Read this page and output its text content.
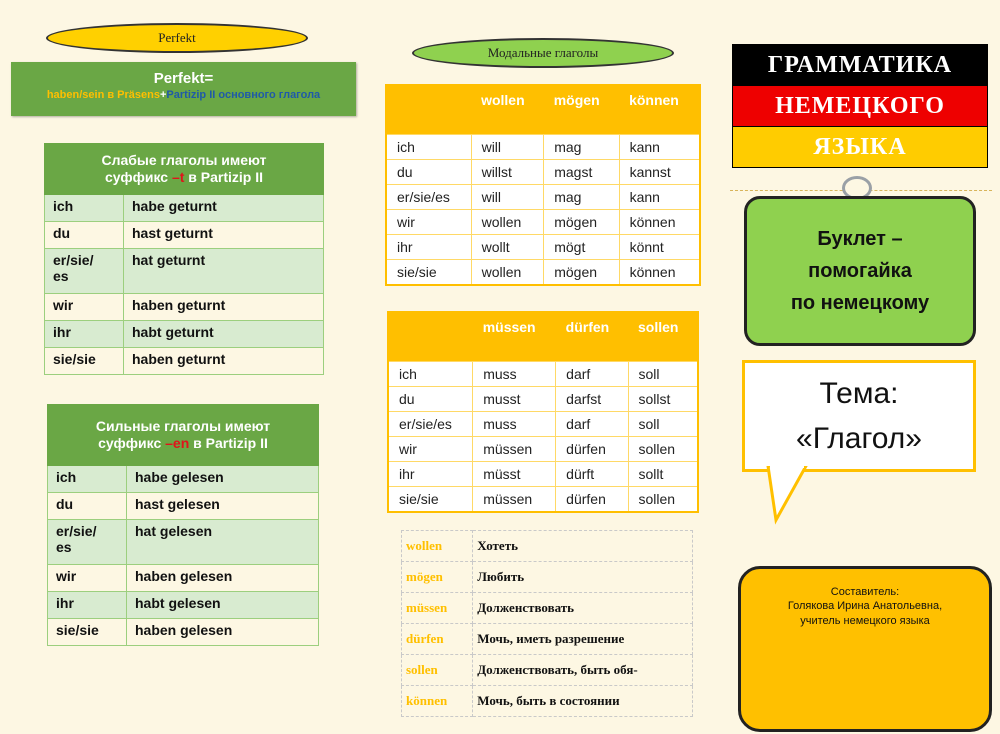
Perfekt
Perfekt=
haben/sein в Präsens+Partizip II основного глагола
Слабые глаголы имеют
суффикс –t в Partizip II	
ich	habe geturnt
du	hast geturnt
er/sie/
es	hat geturnt
wir	haben geturnt
ihr	habt geturnt
sie/sie	haben geturnt
Сильные глаголы имеют
суффикс –en в Partizip II	
ich	habe gelesen
du	hast gelesen
er/sie/
es	hat gelesen
wir	haben gelesen
ihr	habt gelesen
sie/sie	haben gelesen
Модальные глаголы
	wollen	mögen	können
ich	will	mag	kann
du	willst	magst	kannst
er/sie/es	will	mag	kann
wir	wollen	mögen	können
ihr	wollt	mögt	könnt
sie/sie	wollen	mögen	können
	müssen	dürfen	sollen
ich	muss	darf	soll
du	musst	darfst	sollst
er/sie/es	muss	darf	soll
wir	müssen	dürfen	sollen
ihr	müsst	dürft	sollt
sie/sie	müssen	dürfen	sollen
wollen	Хотеть
mögen	Любить
müssen	Долженствовать
dürfen	Мочь, иметь разрешение
sollen	Долженствовать, быть обя-
können	Мочь, быть в состоянии
ГРАММАТИКА
НЕМЕЦКОГО
ЯЗЫКА
Буклет –
помогайка
по немецкому
Тема:
«Глагол»
Составитель:
Голякова Ирина Анатольевна,
учитель немецкого языка
